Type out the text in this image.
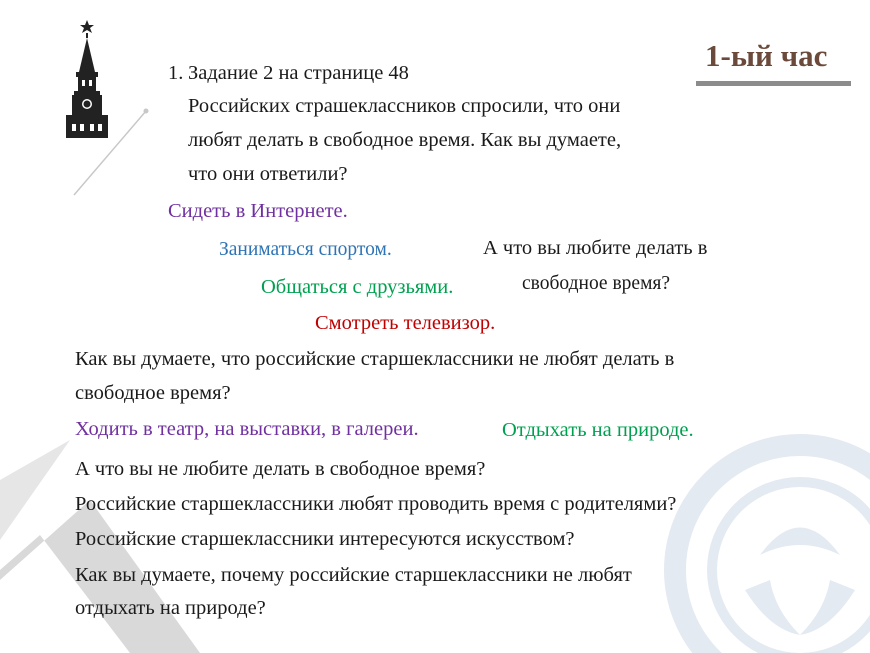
1-ый час
1. Задание 2 на странице 48
Российских страшеклассников спросили, что они
любят делать в свободное время. Как вы думаете,
что они ответили?
Сидеть в Интернете.
Заниматься спортом.
Общаться с друзьями.
Смотреть телевизор.
А что вы любите делать в
свободное время?
Как вы думаете, что российские старшеклассники не любят делать в
свободное время?
Ходить в театр, на выставки, в галереи.	Отдыхать на природе.
А что вы не любите делать в свободное время?
Российские старшеклассники любят проводить время с родителями?
Российские старшеклассники интересуются искусством?
Как вы думаете, почему российские старшеклассники не любят
отдыхать на природе?
